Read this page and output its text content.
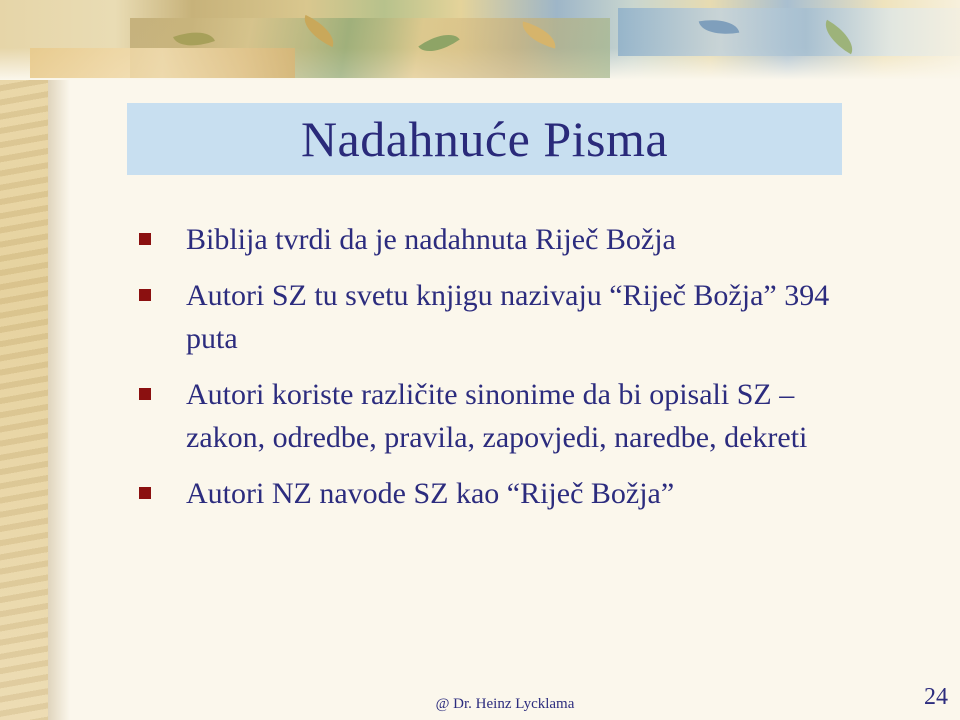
Nadahnuće Pisma
Biblija tvrdi da je nadahnuta Riječ Božja
Autori SZ tu svetu knjigu nazivaju “Riječ Božja” 394 puta
Autori koriste različite sinonime da bi opisali SZ – zakon, odredbe, pravila, zapovjedi, naredbe, dekreti
Autori NZ navode SZ kao “Riječ Božja”
@ Dr. Heinz Lycklama	24
